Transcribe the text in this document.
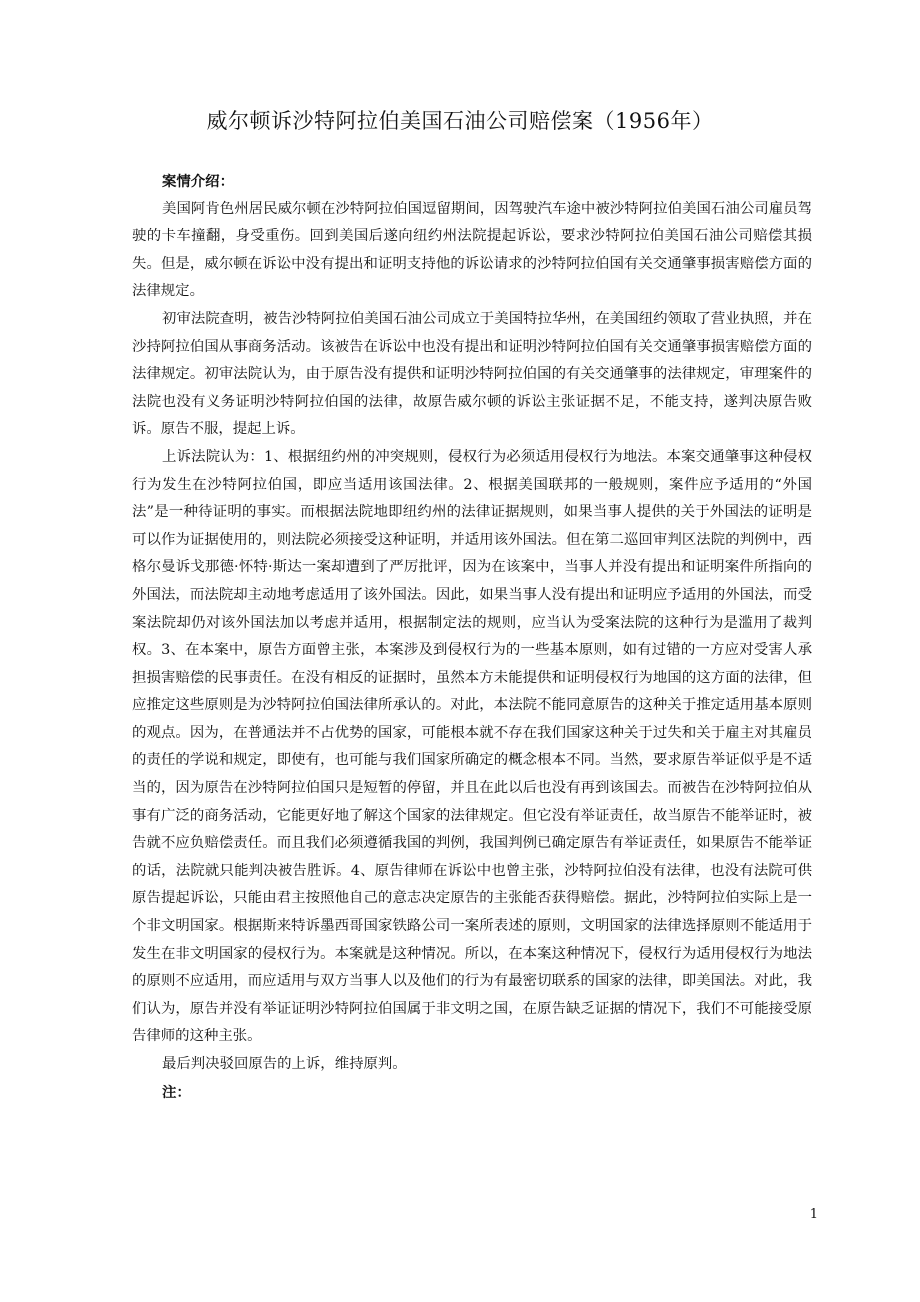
威尔顿诉沙特阿拉伯美国石油公司赔偿案（1956年）

案情介绍：

美国阿肯色州居民威尔顿在沙特阿拉伯国逗留期间，因驾驶汽车途中被沙特阿拉伯美国石油公司雇员驾驶的卡车撞翻，身受重伤。回到美国后遂向纽约州法院提起诉讼，要求沙特阿拉伯美国石油公司赔偿其损失。但是，威尔顿在诉讼中没有提出和证明支持他的诉讼请求的沙特阿拉伯国有关交通肇事损害赔偿方面的法律规定。

初审法院查明，被告沙特阿拉伯美国石油公司成立于美国特拉华州，在美国纽约领取了营业执照，并在沙持阿拉伯国从事商务活动。该被告在诉讼中也没有提出和证明沙特阿拉伯国有关交通肇事损害赔偿方面的法律规定。初审法院认为，由于原告没有提供和证明沙特阿拉伯国的有关交通肇事的法律规定，审理案件的法院也没有义务证明沙特阿拉伯国的法律，故原告威尔顿的诉讼主张证据不足，不能支持，遂判决原告败诉。原告不服，提起上诉。

上诉法院认为：1、根据纽约州的冲突规则，侵权行为必须适用侵权行为地法。本案交通肇事这种侵权行为发生在沙特阿拉伯国，即应当适用该国法律。2、根据美国联邦的一般规则，案件应予适用的“外国法”是一种待证明的事实。而根据法院地即纽约州的法律证据规则，如果当事人提供的关于外国法的证明是可以作为证据使用的，则法院必须接受这种证明，并适用该外国法。但在第二巡回审判区法院的判例中，西格尔曼诉戈那德·怀特·斯达一案却遭到了严厉批评，因为在该案中，当事人并没有提出和证明案件所指向的外国法，而法院却主动地考虑适用了该外国法。因此，如果当事人没有提出和证明应予适用的外国法，而受案法院却仍对该外国法加以考虑并适用，根据制定法的规则，应当认为受案法院的这种行为是滥用了裁判权。3、在本案中，原告方面曾主张，本案涉及到侵权行为的一些基本原则，如有过错的一方应对受害人承担损害赔偿的民事责任。在没有相反的证据时，虽然本方未能提供和证明侵权行为地国的这方面的法律，但应推定这些原则是为沙特阿拉伯国法律所承认的。对此，本法院不能同意原告的这种关于推定适用基本原则的观点。因为，在普通法并不占优势的国家，可能根本就不存在我们国家这种关于过失和关于雇主对其雇员的责任的学说和规定，即使有，也可能与我们国家所确定的概念根本不同。当然，要求原告举证似乎是不适当的，因为原告在沙特阿拉伯国只是短暂的停留，并且在此以后也没有再到该国去。而被告在沙特阿拉伯从事有广泛的商务活动，它能更好地了解这个国家的法律规定。但它没有举证责任，故当原告不能举证时，被告就不应负赔偿责任。而且我们必须遵循我国的判例，我国判例已确定原告有举证责任，如果原告不能举证的话，法院就只能判决被告胜诉。4、原告律师在诉讼中也曾主张，沙特阿拉伯没有法律，也没有法院可供原告提起诉讼，只能由君主按照他自己的意志决定原告的主张能否获得赔偿。据此，沙特阿拉伯实际上是一个非文明国家。根据斯来特诉墨西哥国家铁路公司一案所表述的原则，文明国家的法律选择原则不能适用于发生在非文明国家的侵权行为。本案就是这种情况。所以，在本案这种情况下，侵权行为适用侵权行为地法的原则不应适用，而应适用与双方当事人以及他们的行为有最密切联系的国家的法律，即美国法。对此，我们认为，原告并没有举证证明沙特阿拉伯国属于非文明之国，在原告缺乏证据的情况下，我们不可能接受原告律师的这种主张。

最后判决驳回原告的上诉，维持原判。

注：

1
